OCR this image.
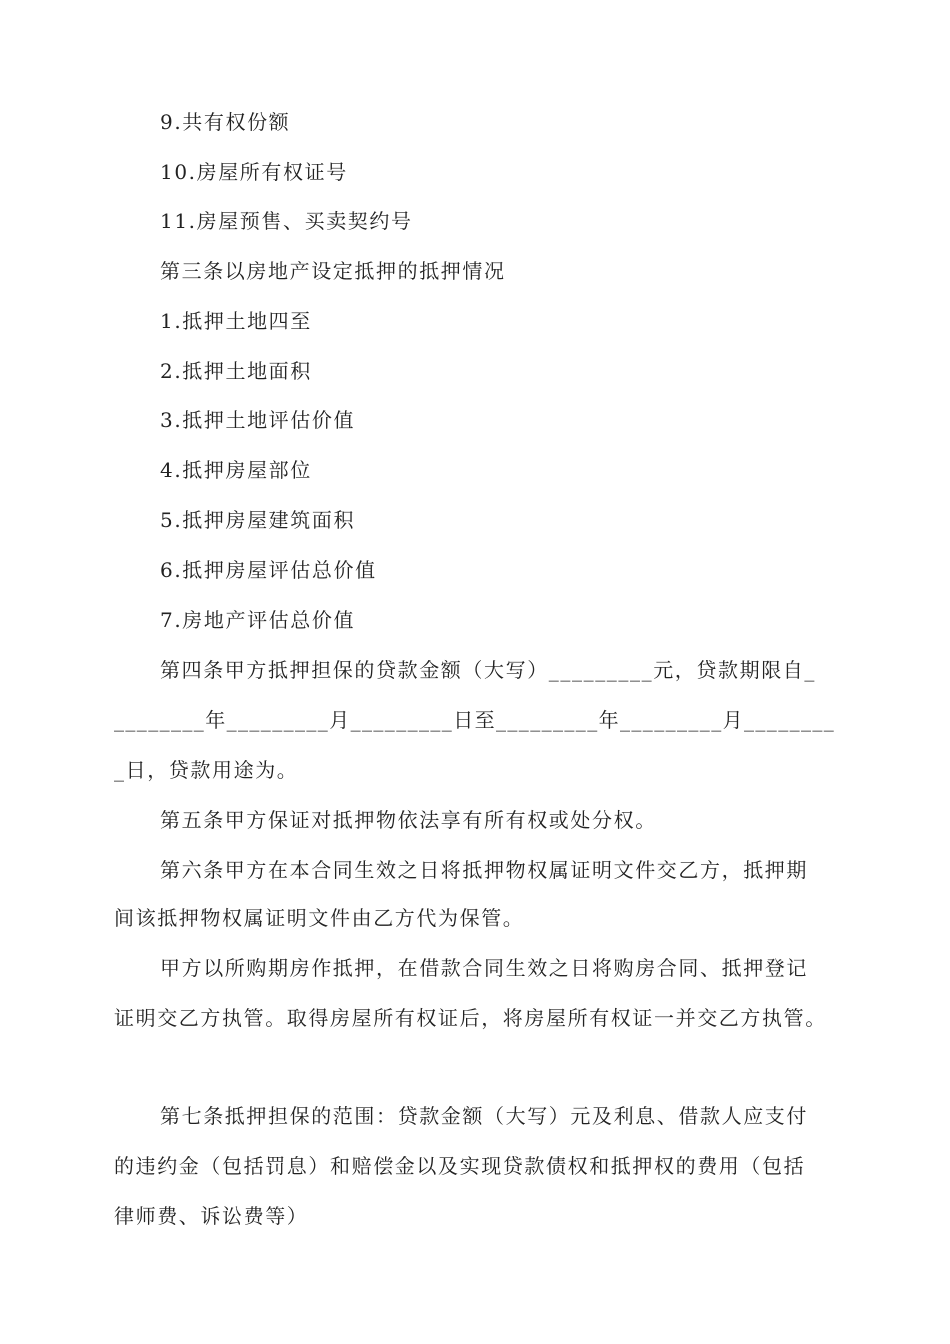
9.共有权份额
10.房屋所有权证号
11.房屋预售、买卖契约号
第三条以房地产设定抵押的抵押情况
1.抵押土地四至
2.抵押土地面积
3.抵押土地评估价值
4.抵押房屋部位
5.抵押房屋建筑面积
6.抵押房屋评估总价值
7.房地产评估总价值
第四条甲方抵押担保的贷款金额（大写）_________元，贷款期限自_
________年_________月_________日至_________年_________月________
_日，贷款用途为。
第五条甲方保证对抵押物依法享有所有权或处分权。
第六条甲方在本合同生效之日将抵押物权属证明文件交乙方，抵押期
间该抵押物权属证明文件由乙方代为保管。
甲方以所购期房作抵押，在借款合同生效之日将购房合同、抵押登记
证明交乙方执管。取得房屋所有权证后，将房屋所有权证一并交乙方执管。
第七条抵押担保的范围：贷款金额（大写）元及利息、借款人应支付
的违约金（包括罚息）和赔偿金以及实现贷款债权和抵押权的费用（包括
律师费、诉讼费等）
